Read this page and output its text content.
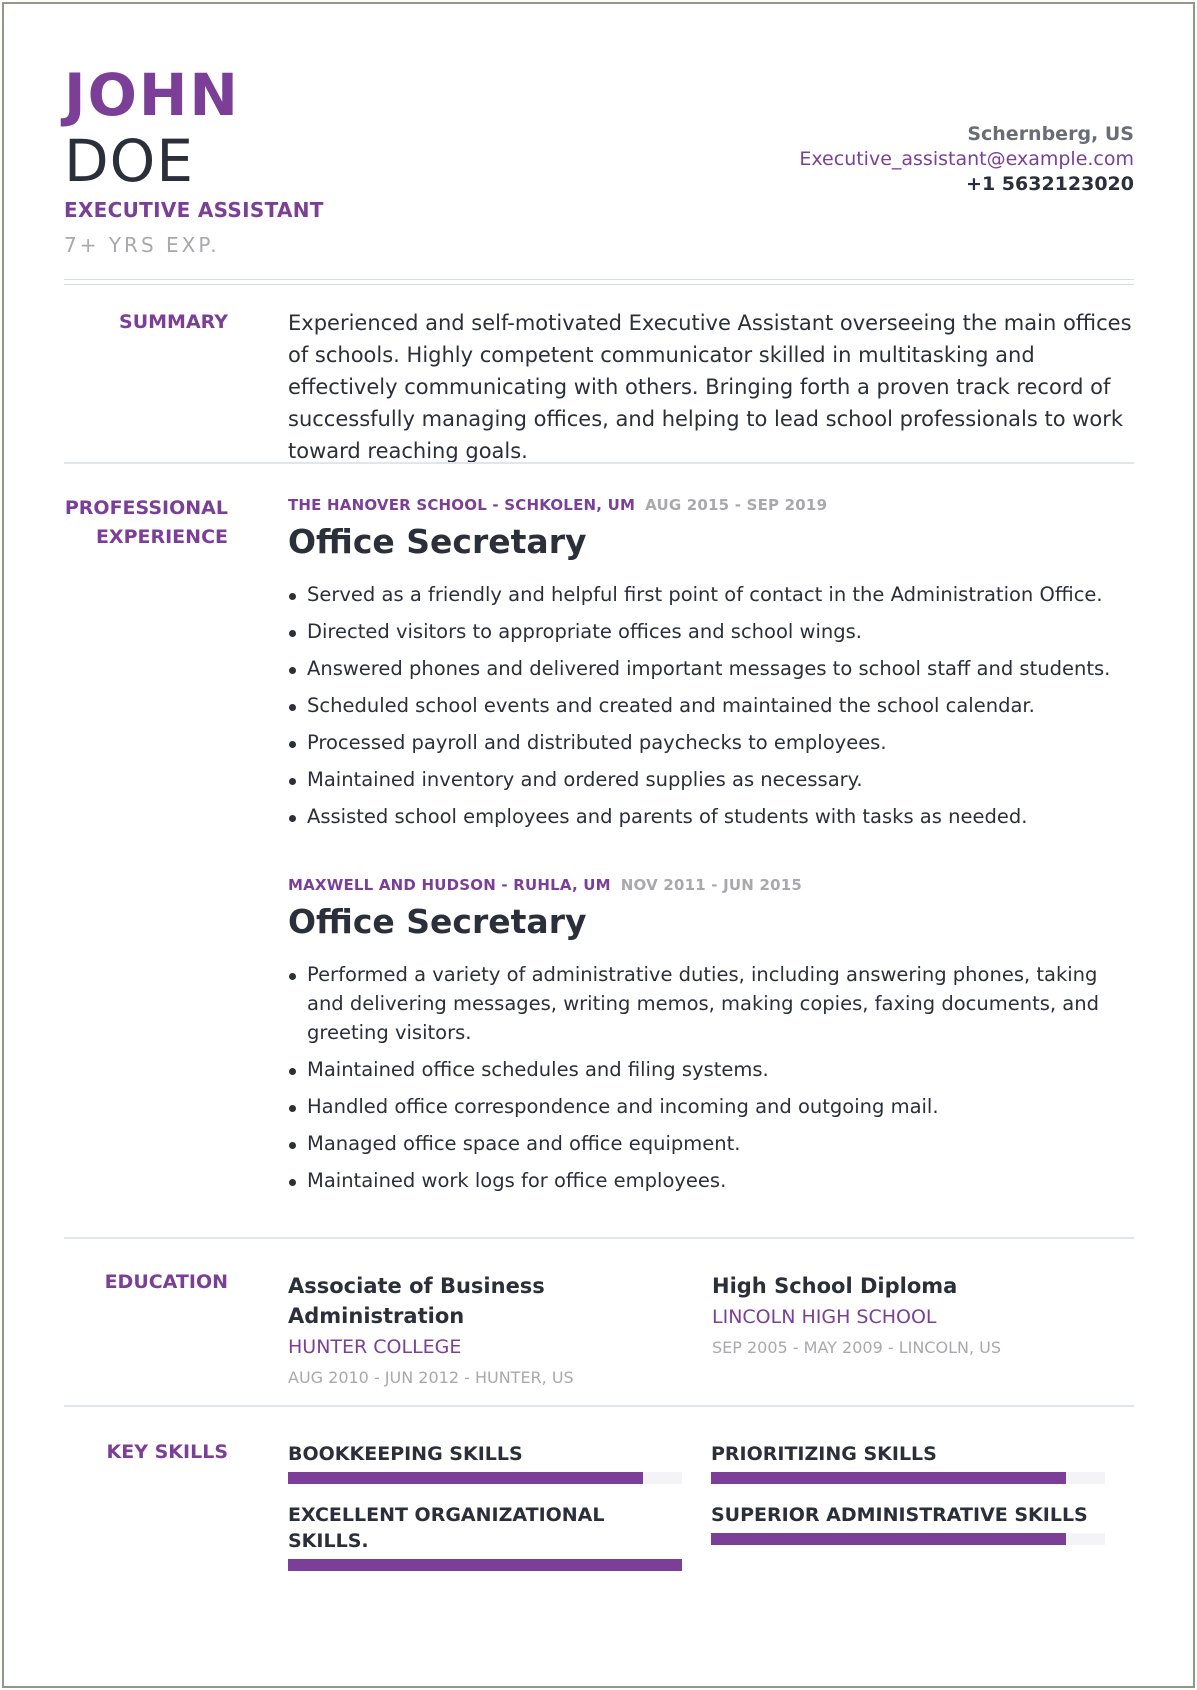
JOHN
DOE
EXECUTIVE ASSISTANT
7+ YRS EXP.
Schernberg, US
Executive_assistant@example.com
+1 5632123020
SUMMARY	Experienced and self-motivated Executive Assistant overseeing the main offices of schools. Highly competent communicator skilled in multitasking and effectively communicating with others. Bringing forth a proven track record of successfully managing offices, and helping to lead school professionals to work toward reaching goals.
PROFESSIONAL
EXPERIENCE
THE HANOVER SCHOOL - SCHKOLEN, UM AUG 2015 - SEP 2019
Office Secretary
Served as a friendly and helpful first point of contact in the Administration Office.
Directed visitors to appropriate offices and school wings.
Answered phones and delivered important messages to school staff and students.
Scheduled school events and created and maintained the school calendar.
Processed payroll and distributed paychecks to employees.
Maintained inventory and ordered supplies as necessary.
Assisted school employees and parents of students with tasks as needed.
MAXWELL AND HUDSON - RUHLA, UM NOV 2011 - JUN 2015
Office Secretary
Performed a variety of administrative duties, including answering phones, taking and delivering messages, writing memos, making copies, faxing documents, and greeting visitors.
Maintained office schedules and filing systems.
Handled office correspondence and incoming and outgoing mail.
Managed office space and office equipment.
Maintained work logs for office employees.
EDUCATION	Associate of Business Administration
HUNTER COLLEGE
AUG 2010 - JUN 2012 - HUNTER, US
High School Diploma
LINCOLN HIGH SCHOOL
SEP 2005 - MAY 2009 - LINCOLN, US
KEY SKILLS	BOOKKEEPING SKILLS	PRIORITIZING SKILLS
EXCELLENT ORGANIZATIONAL SKILLS.
SUPERIOR ADMINISTRATIVE SKILLS
